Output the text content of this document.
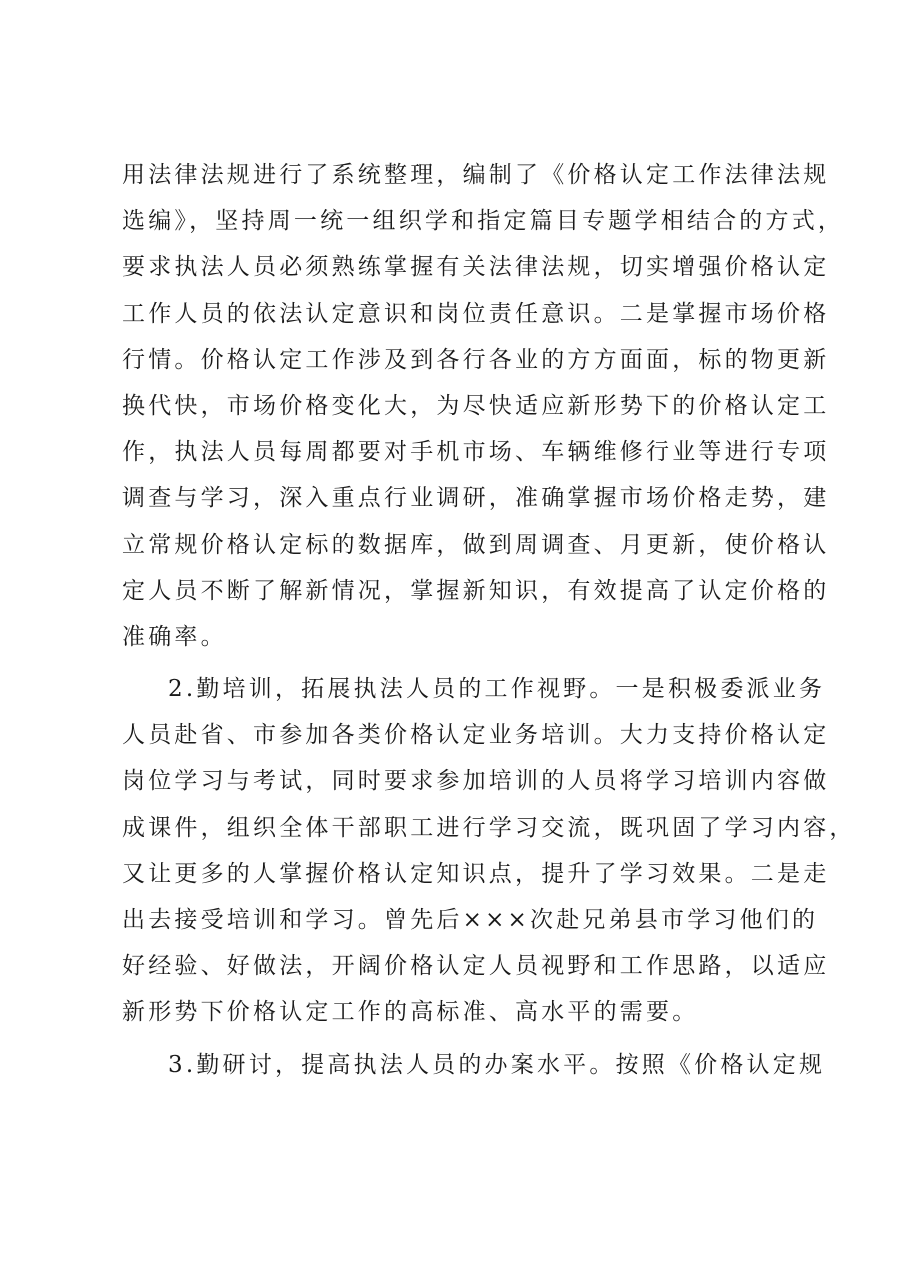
用法律法规进行了系统整理，编制了《价格认定工作法律法规
选编》，坚持周一统一组织学和指定篇目专题学相结合的方式，
要求执法人员必须熟练掌握有关法律法规，切实增强价格认定
工作人员的依法认定意识和岗位责任意识。二是掌握市场价格
行情。价格认定工作涉及到各行各业的方方面面，标的物更新
换代快，市场价格变化大，为尽快适应新形势下的价格认定工
作，执法人员每周都要对手机市场、车辆维修行业等进行专项
调查与学习，深入重点行业调研，准确掌握市场价格走势，建
立常规价格认定标的数据库，做到周调查、月更新，使价格认
定人员不断了解新情况，掌握新知识，有效提高了认定价格的
准确率。
2.勤培训，拓展执法人员的工作视野。一是积极委派业务
人员赴省、市参加各类价格认定业务培训。大力支持价格认定
岗位学习与考试，同时要求参加培训的人员将学习培训内容做
成课件，组织全体干部职工进行学习交流，既巩固了学习内容，
又让更多的人掌握价格认定知识点，提升了学习效果。二是走
出去接受培训和学习。曾先后×××次赴兄弟县市学习他们的
好经验、好做法，开阔价格认定人员视野和工作思路，以适应
新形势下价格认定工作的高标准、高水平的需要。
3.勤研讨，提高执法人员的办案水平。按照《价格认定规
